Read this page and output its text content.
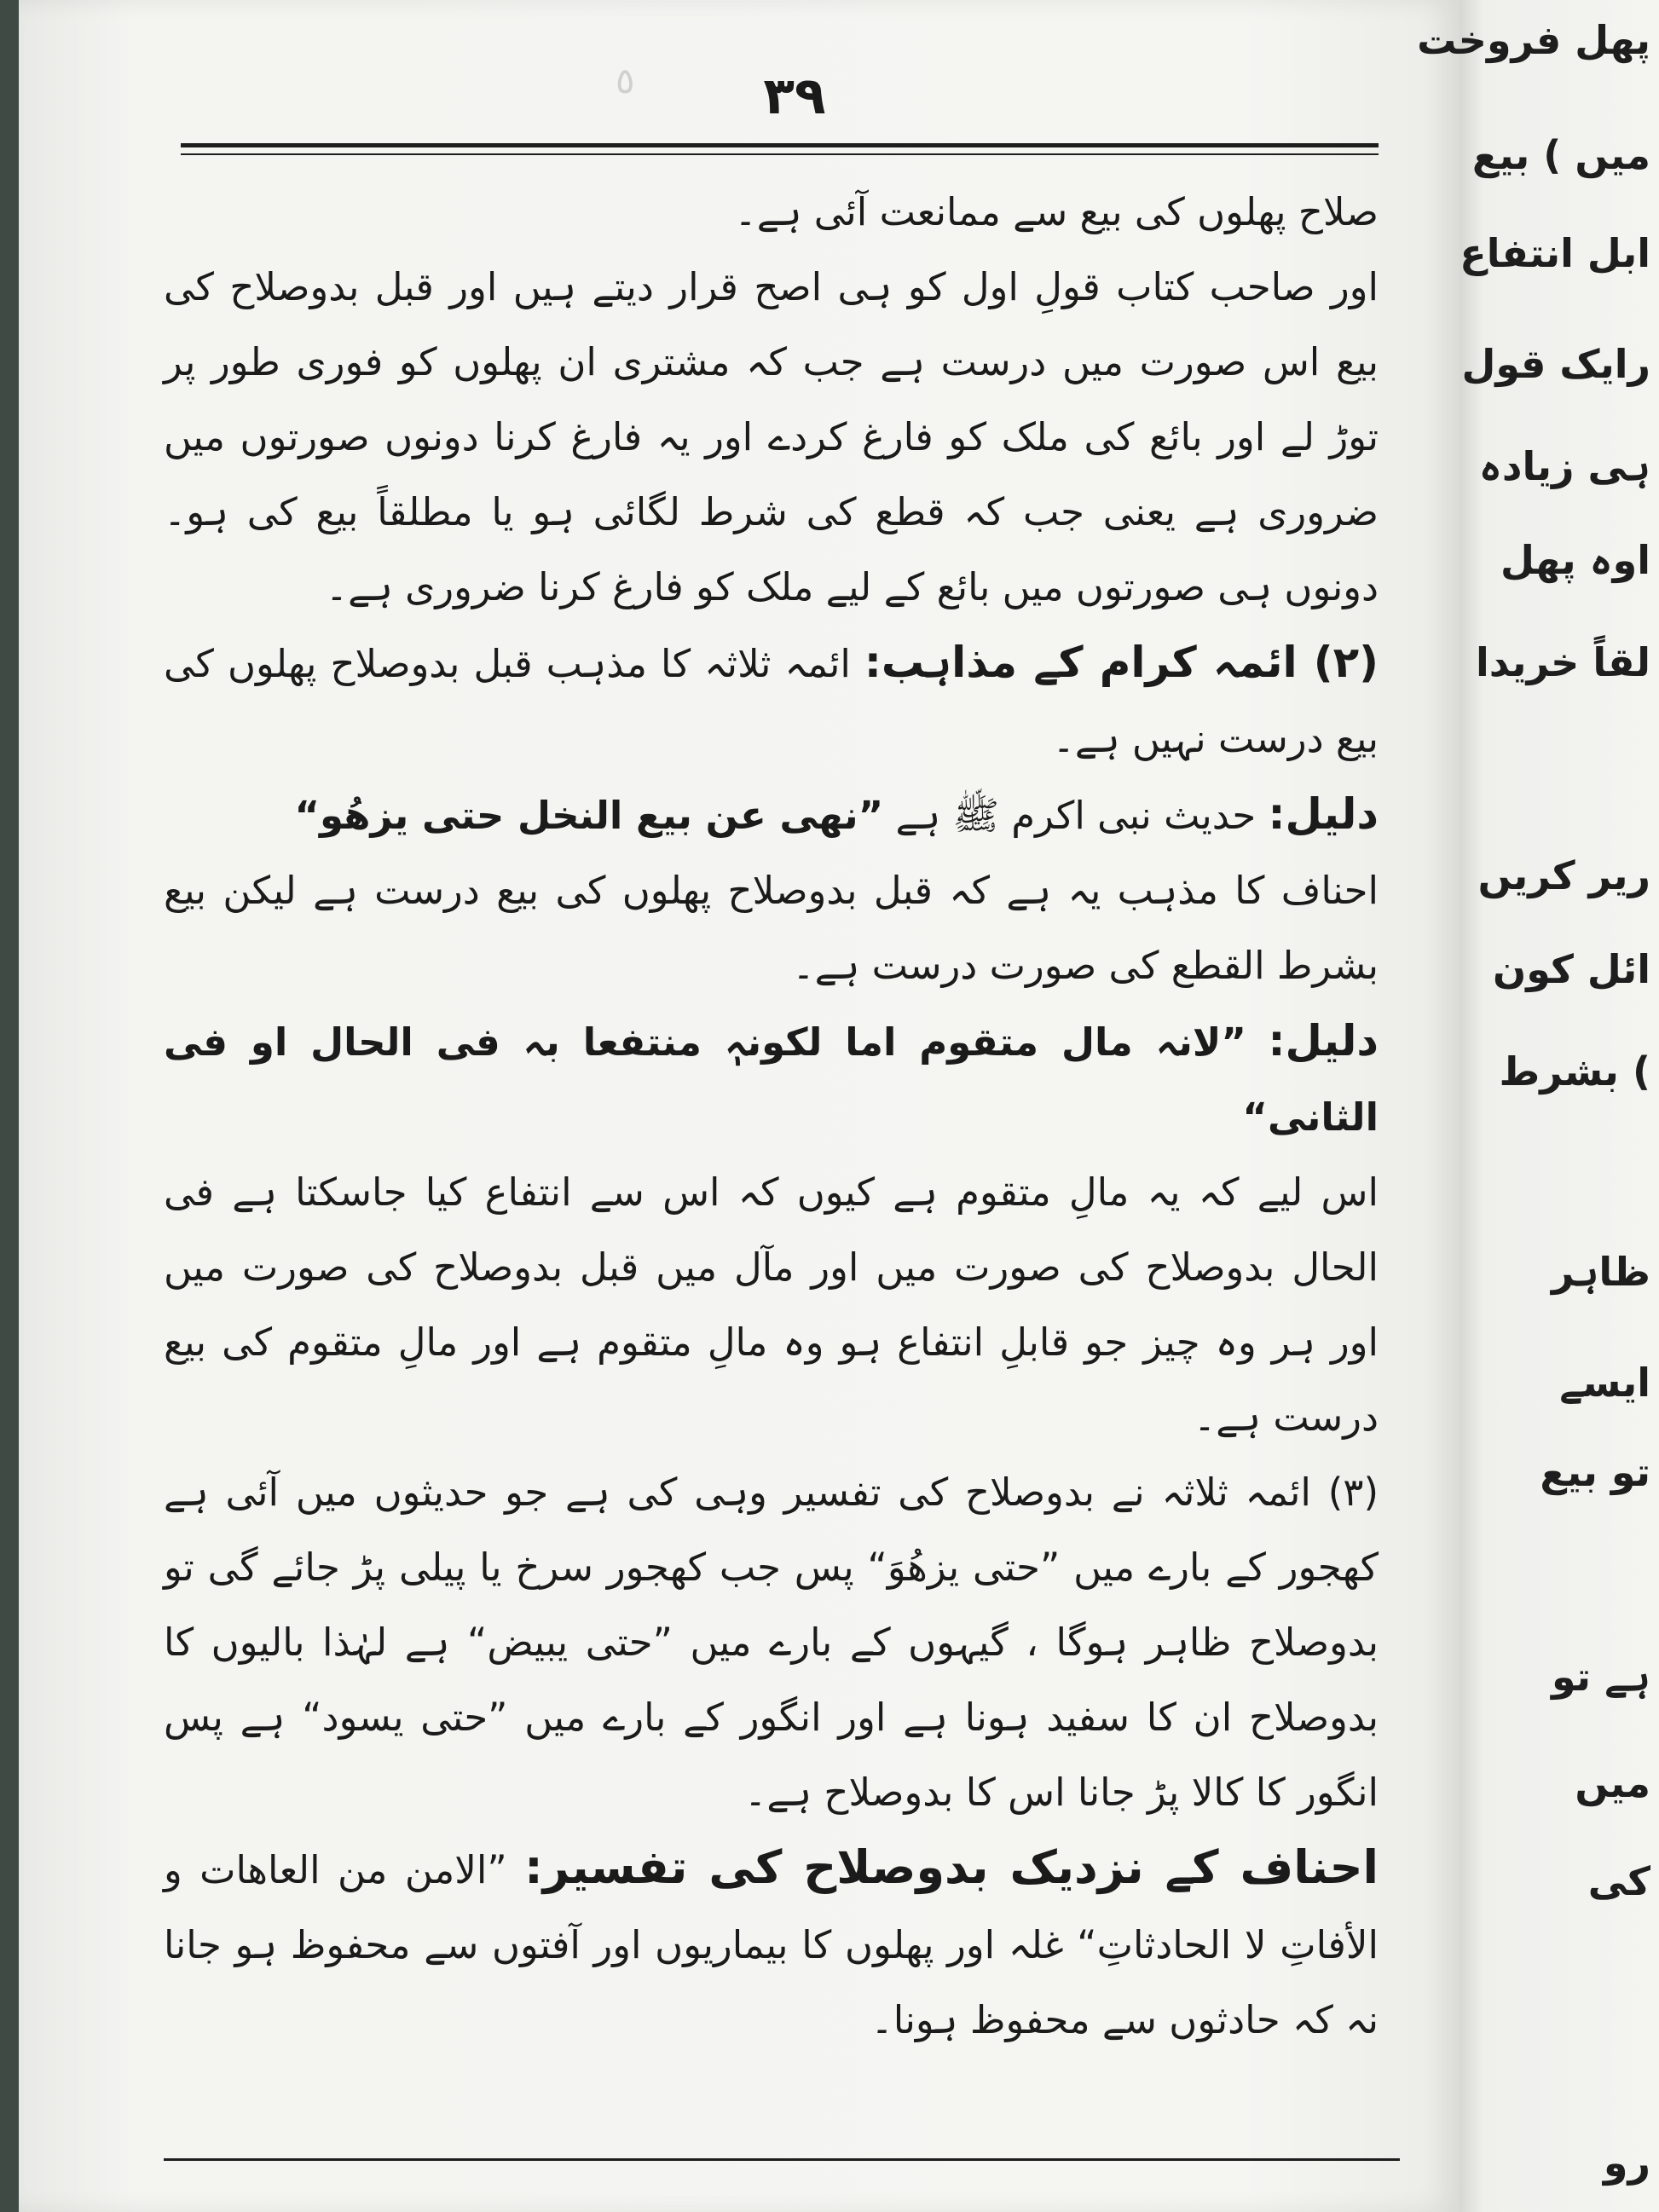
٥	۳۹

صلاح پھلوں کی بیع سے ممانعت آئی ہے۔

اور صاحب کتاب قولِ اول کو ہی اصح قرار دیتے ہیں اور قبل بدوصلاح کی بیع اس صورت میں درست ہے جب کہ مشتری ان پھلوں کو فوری طور پر توڑ لے اور بائع کی ملک کو فارغ کردے اور یہ فارغ کرنا دونوں صورتوں میں ضروری ہے یعنی جب کہ قطع کی شرط لگائی ہو یا مطلقاً بیع کی ہو۔ دونوں ہی صورتوں میں بائع کے لیے ملک کو فارغ کرنا ضروری ہے۔

(۲) ائمہ کرام کے مذاہب: ائمہ ثلاثہ کا مذہب قبل بدوصلاح پھلوں کی بیع درست نہیں ہے۔

دلیل: حدیث نبی اکرم ﷺ ہے ”نھی عن بیع النخل حتی یزھُو“

احناف کا مذہب یہ ہے کہ قبل بدوصلاح پھلوں کی بیع درست ہے لیکن بیع بشرط القطع کی صورت درست ہے۔

دلیل: ”لانہ مال متقوم اما لکونہٖ منتفعا بہ فی الحال او فی الثانی“

اس لیے کہ یہ مالِ متقوم ہے کیوں کہ اس سے انتفاع کیا جاسکتا ہے فی الحال بدوصلاح کی صورت میں اور مآل میں قبل بدوصلاح کی صورت میں اور ہر وہ چیز جو قابلِ انتفاع ہو وہ مالِ متقوم ہے اور مالِ متقوم کی بیع درست ہے۔

(۳) ائمہ ثلاثہ نے بدوصلاح کی تفسیر وہی کی ہے جو حدیثوں میں آئی ہے کھجور کے بارے میں ”حتی یزھُوَ“ پس جب کھجور سرخ یا پیلی پڑ جائے گی تو بدوصلاح ظاہر ہوگا ، گیہوں کے بارے میں ”حتی یبیض“ ہے لہٰذا بالیوں کا بدوصلاح ان کا سفید ہونا ہے اور انگور کے بارے میں ”حتی یسود“ ہے پس انگور کا کالا پڑ جانا اس کا بدوصلاح ہے۔

احناف کے نزدیک بدوصلاح کی تفسیر: ”الامن من العاھات و الأفاتِ لا الحادثاتِ“ غلہ اور پھلوں کا بیماریوں اور آفتوں سے محفوظ ہو جانا نہ کہ حادثوں سے محفوظ ہونا۔

پھل فروخت
میں ) بیع
ابل انتفاع
رایک قول
ہی زیادہ
اوہ پھل
لقاً خریدا
ریر کریں
ائل کون
) بشرط
ظاہر
ایسے
تو بیع
ہے تو
میں
کی
رو
